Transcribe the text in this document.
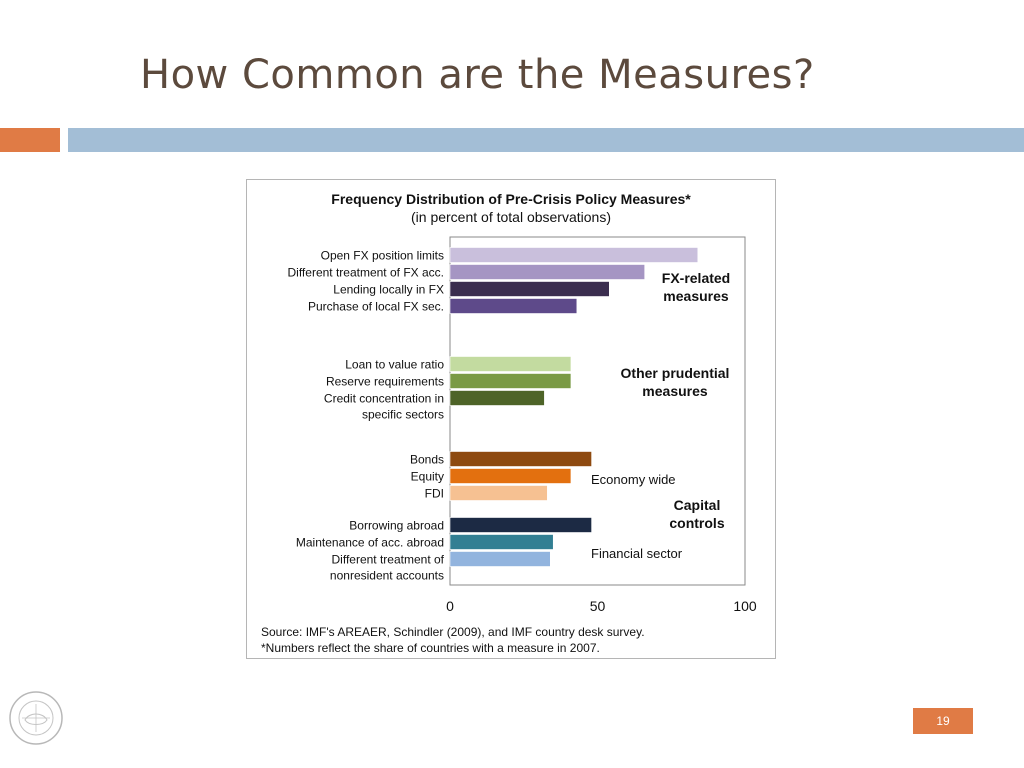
How Common are the Measures?
Frequency Distribution of Pre-Crisis Policy Measures*
(in percent of total observations)
Open FX position limits
Different treatment of FX acc.
Lending locally in FX
Purchase of local FX sec.
Loan to value ratio
Reserve requirements
Credit concentration in
specific sectors
Bonds
Equity
FDI
Borrowing abroad
Maintenance of acc. abroad
Different treatment of
nonresident accounts
FX-related
measures
Other prudential
measures
Economy wide
Capital
controls
Financial sector
0	50	100
Source: IMF's AREAER, Schindler (2009), and IMF country desk survey.
*Numbers reflect the share of countries with a measure in 2007.
19
